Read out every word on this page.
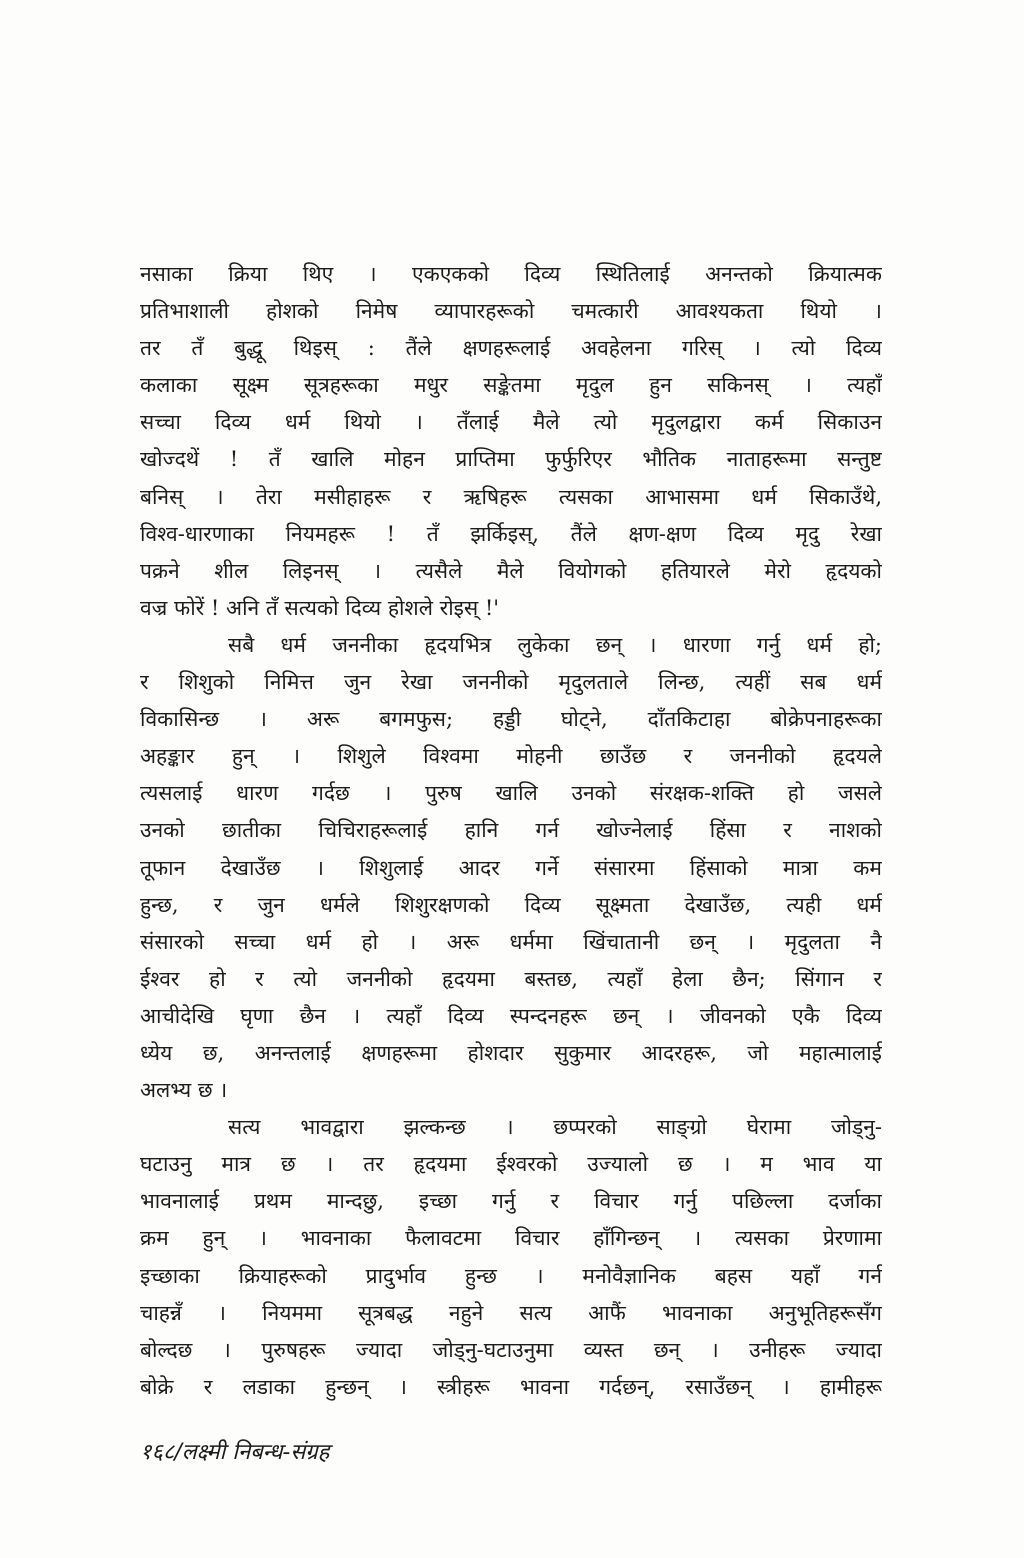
नसाका क्रिया थिए । एकएकको दिव्य स्थितिलाई अनन्तको क्रियात्मक
प्रतिभाशाली होशको निमेष व्यापारहरूको चमत्कारी आवश्यकता थियो ।
तर तँ बुद्धू थिइस् : तैंले क्षणहरूलाई अवहेलना गरिस् । त्यो दिव्य
कलाका सूक्ष्म सूत्रहरूका मधुर सङ्केतमा मृदुल हुन सकिनस् । त्यहाँ
सच्चा दिव्य धर्म थियो । तँलाई मैले त्यो मृदुलद्वारा कर्म सिकाउन
खोज्दथें ! तँ खालि मोहन प्राप्तिमा फुर्फुरिएर भौतिक नाताहरूमा सन्तुष्ट
बनिस् । तेरा मसीहाहरू र ऋषिहरू त्यसका आभासमा धर्म सिकाउँथे,
विश्व-धारणाका नियमहरू ! तँ झर्किइस्, तैंले क्षण-क्षण दिव्य मृदु रेखा
पक्रने शील लिइनस् । त्यसैले मैले वियोगको हतियारले मेरो हृदयको
वज्र फोरें ! अनि तँ सत्यको दिव्य होशले रोइस् !'
सबै धर्म जननीका हृदयभित्र लुकेका छन् । धारणा गर्नु धर्म हो;
र शिशुको निमित्त जुन रेखा जननीको मृदुलताले लिन्छ, त्यहीं सब धर्म
विकासिन्छ । अरू बगमफुस; हड्डी घोट्ने, दाँतकिटाहा बोक्रेपनाहरूका
अहङ्कार हुन् । शिशुले विश्वमा मोहनी छाउँछ र जननीको हृदयले
त्यसलाई धारण गर्दछ । पुरुष खालि उनको संरक्षक-शक्ति हो जसले
उनको छातीका चिचिराहरूलाई हानि गर्न खोज्नेलाई हिंसा र नाशको
तूफान देखाउँछ । शिशुलाई आदर गर्ने संसारमा हिंसाको मात्रा कम
हुन्छ, र जुन धर्मले शिशुरक्षणको दिव्य सूक्ष्मता देखाउँछ, त्यही धर्म
संसारको सच्चा धर्म हो । अरू धर्ममा खिंचातानी छन् । मृदुलता नै
ईश्वर हो र त्यो जननीको हृदयमा बस्तछ, त्यहाँ हेला छैन; सिंगान र
आचीदेखि घृणा छैन । त्यहाँ दिव्य स्पन्दनहरू छन् । जीवनको एकै दिव्य
ध्येय छ, अनन्तलाई क्षणहरूमा होशदार सुकुमार आदरहरू, जो महात्मालाई
अलभ्य छ ।
सत्य भावद्वारा झल्कन्छ । छप्परको साङ्ग्रो घेरामा जोड्नु-
घटाउनु मात्र छ । तर हृदयमा ईश्वरको उज्यालो छ । म भाव या
भावनालाई प्रथम मान्दछु, इच्छा गर्नु र विचार गर्नु पछिल्ला दर्जाका
क्रम हुन् । भावनाका फैलावटमा विचार हाँगिन्छन् । त्यसका प्रेरणामा
इच्छाका क्रियाहरूको प्रादुर्भाव हुन्छ । मनोवैज्ञानिक बहस यहाँ गर्न
चाहन्नँ । नियममा सूत्रबद्ध नहुने सत्य आफैं भावनाका अनुभूतिहरूसँग
बोल्दछ । पुरुषहरू ज्यादा जोड्नु-घटाउनुमा व्यस्त छन् । उनीहरू ज्यादा
बोक्रे र लडाका हुन्छन् । स्त्रीहरू भावना गर्दछन्, रसाउँछन् । हामीहरू
१६८/लक्ष्मी निबन्ध-संग्रह
